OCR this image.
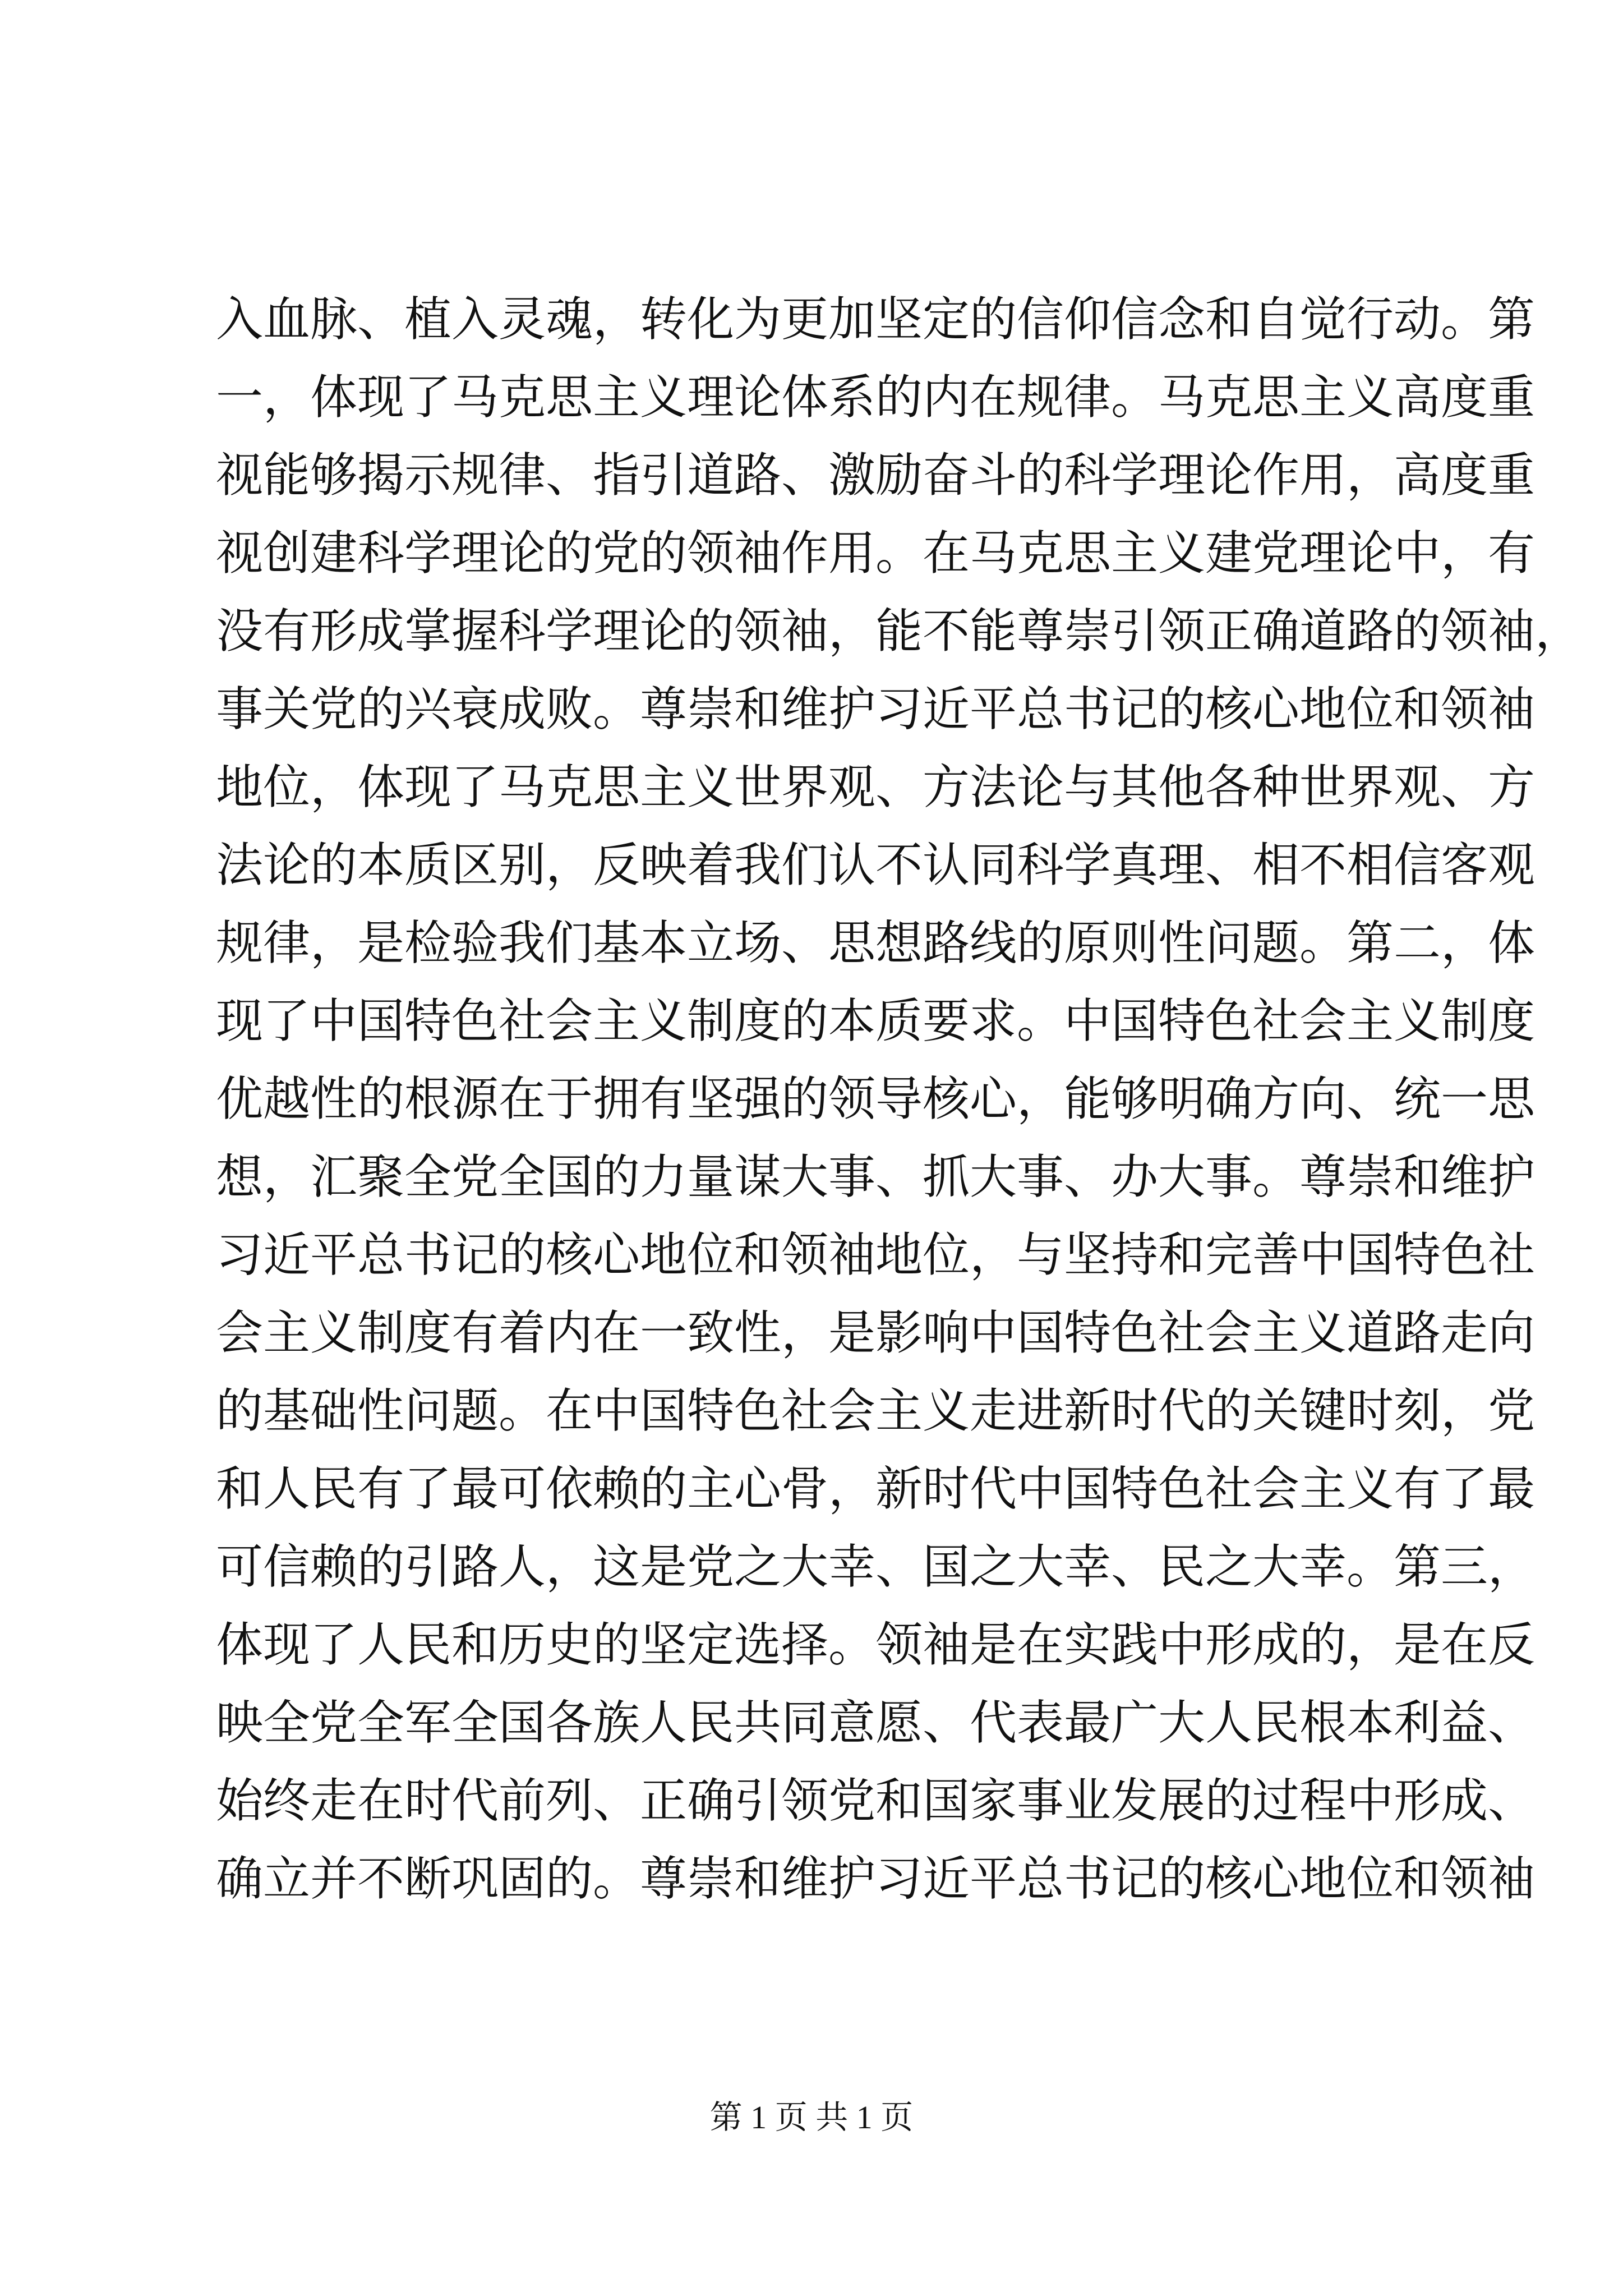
入血脉、植入灵魂，转化为更加坚定的信仰信念和自觉行动。第
一，体现了马克思主义理论体系的内在规律。马克思主义高度重
视能够揭示规律、指引道路、激励奋斗的科学理论作用，高度重
视创建科学理论的党的领袖作用。在马克思主义建党理论中，有
没有形成掌握科学理论的领袖，能不能尊崇引领正确道路的领袖，
事关党的兴衰成败。尊崇和维护习近平总书记的核心地位和领袖
地位，体现了马克思主义世界观、方法论与其他各种世界观、方
法论的本质区别，反映着我们认不认同科学真理、相不相信客观
规律，是检验我们基本立场、思想路线的原则性问题。第二，体
现了中国特色社会主义制度的本质要求。中国特色社会主义制度
优越性的根源在于拥有坚强的领导核心，能够明确方向、统一思
想，汇聚全党全国的力量谋大事、抓大事、办大事。尊崇和维护
习近平总书记的核心地位和领袖地位，与坚持和完善中国特色社
会主义制度有着内在一致性，是影响中国特色社会主义道路走向
的基础性问题。在中国特色社会主义走进新时代的关键时刻，党
和人民有了最可依赖的主心骨，新时代中国特色社会主义有了最
可信赖的引路人，这是党之大幸、国之大幸、民之大幸。第三，
体现了人民和历史的坚定选择。领袖是在实践中形成的，是在反
映全党全军全国各族人民共同意愿、代表最广大人民根本利益、
始终走在时代前列、正确引领党和国家事业发展的过程中形成、
确立并不断巩固的。尊崇和维护习近平总书记的核心地位和领袖
第 1 页 共 1 页
